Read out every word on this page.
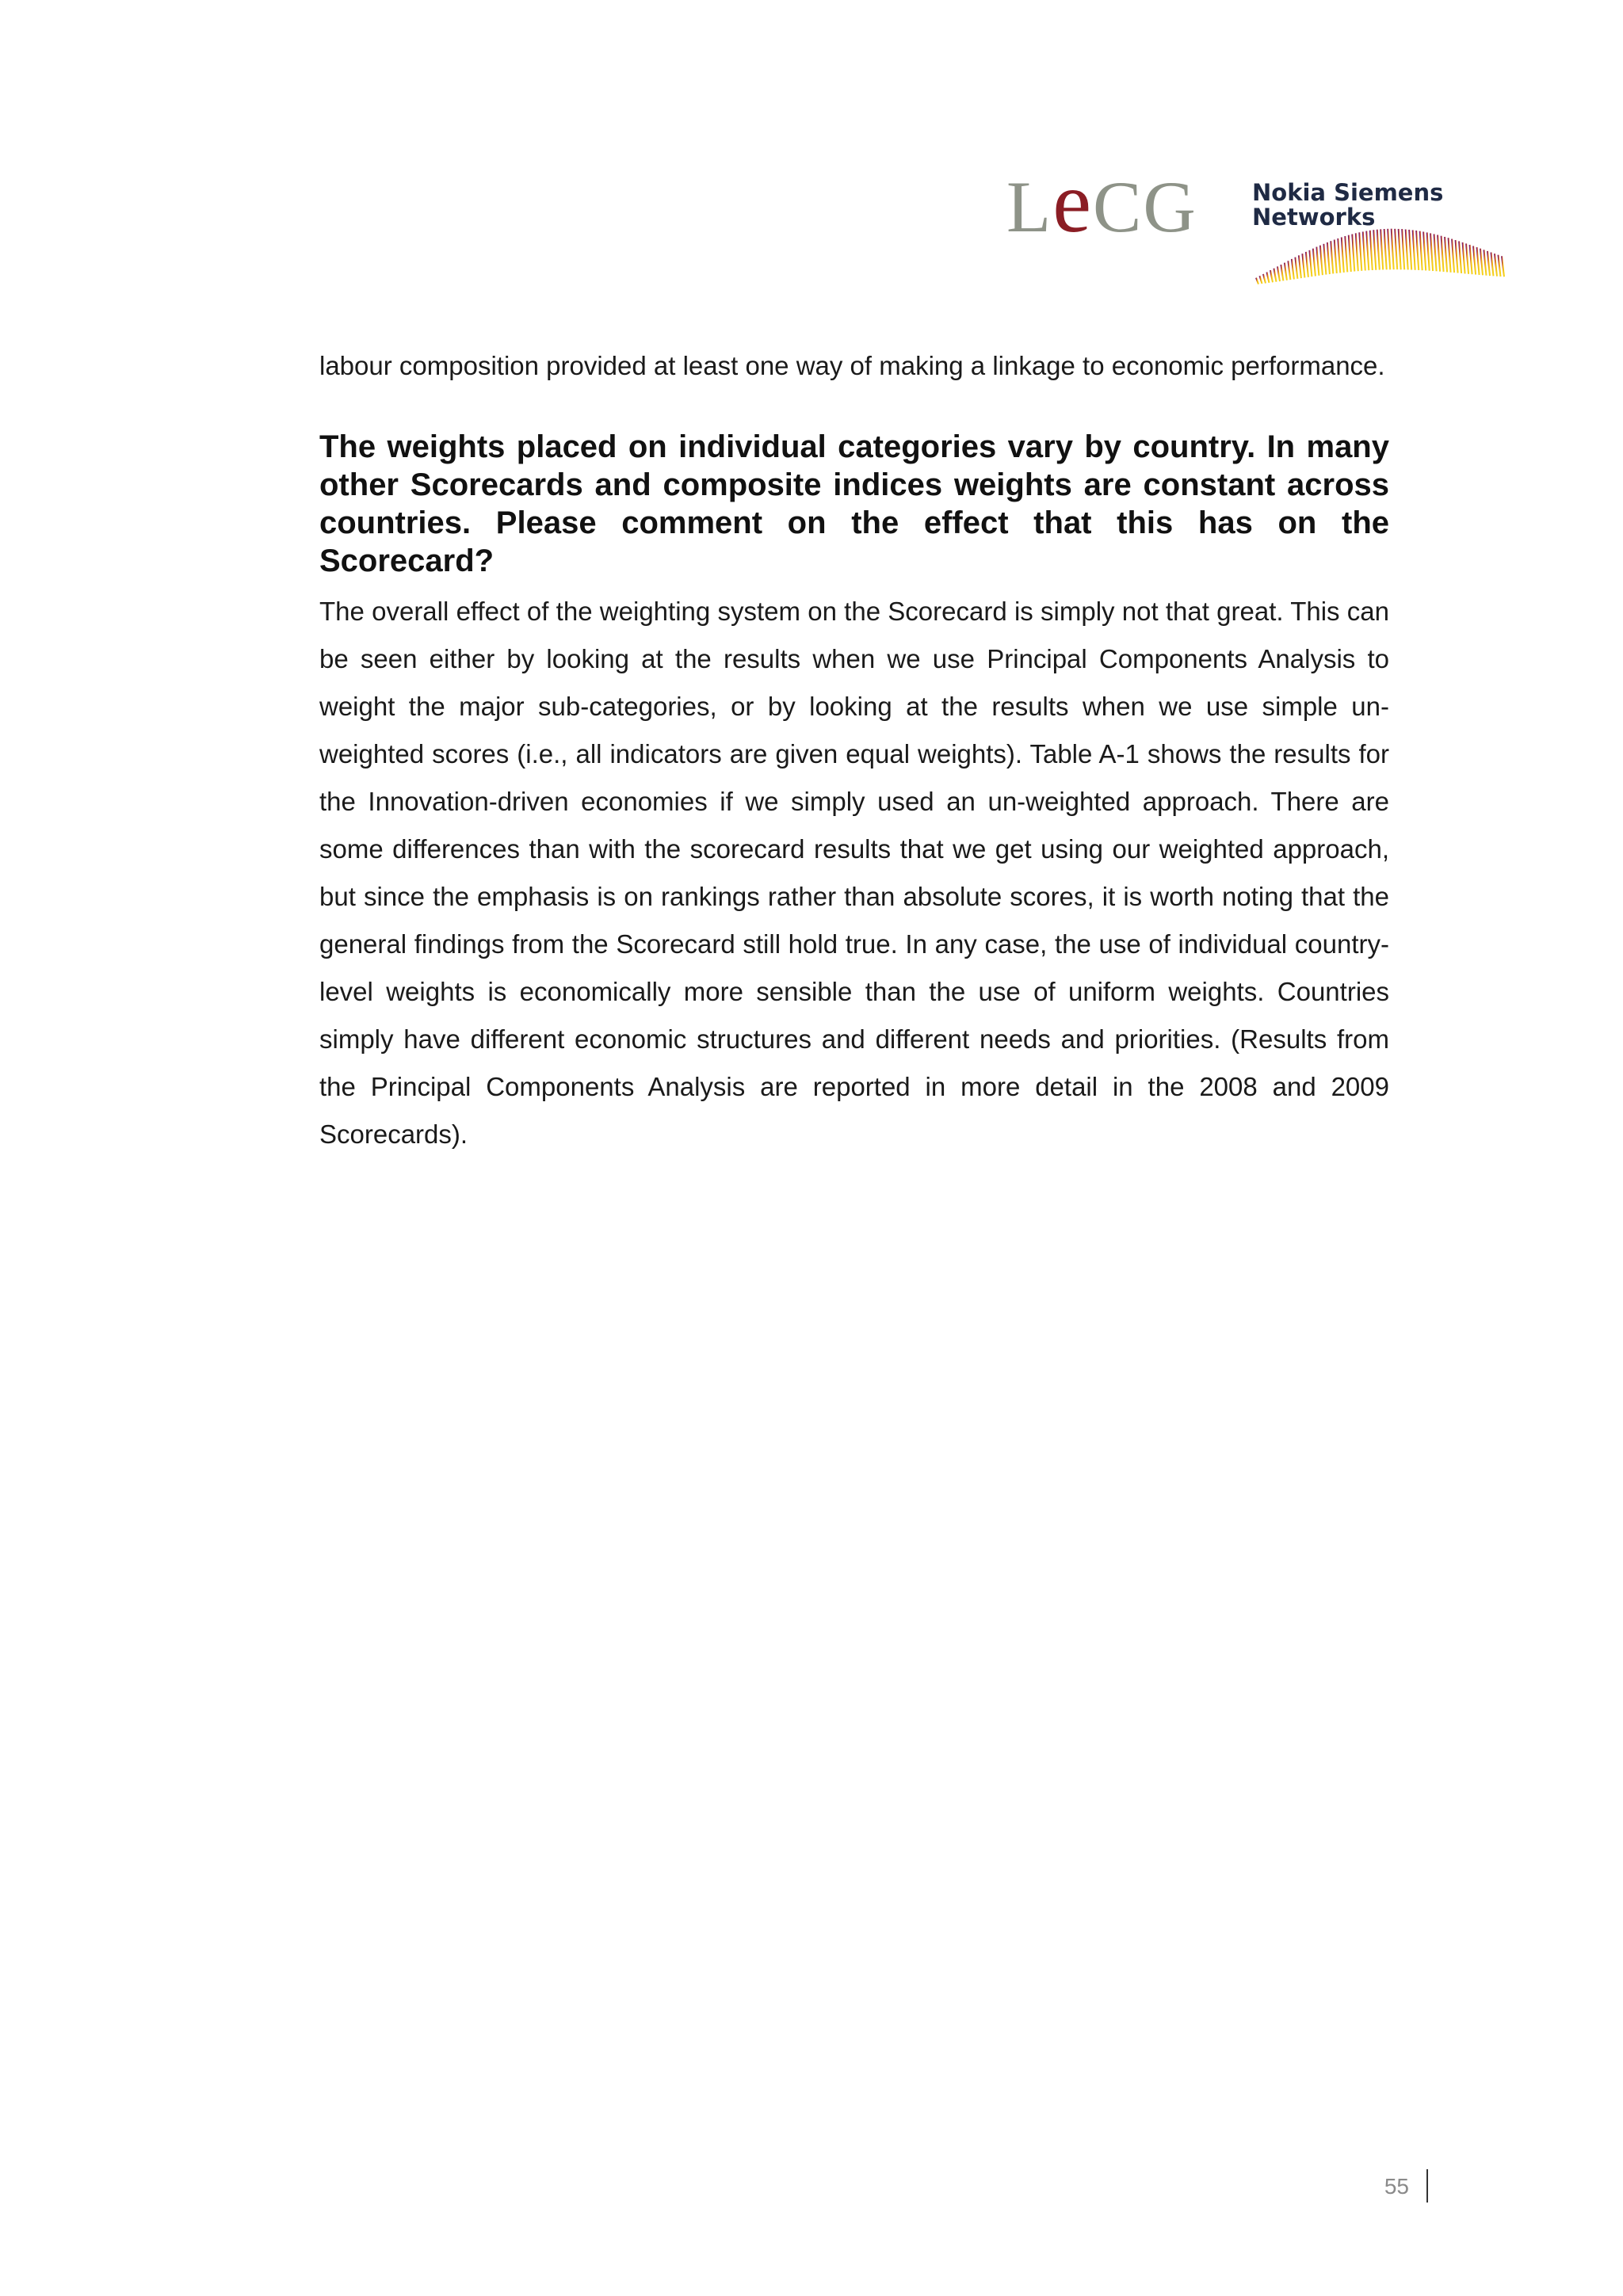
LeCG Nokia Siemens
Networks

labour composition provided at least one way of making a linkage to economic performance.

The weights placed on individual categories vary by country. In many other Scorecards and composite indices weights are constant across countries. Please comment on the effect that this has on the Scorecard?

The overall effect of the weighting system on the Scorecard is simply not that great. This can be seen either by looking at the results when we use Principal Components Analysis to weight the major sub-categories, or by looking at the results when we use simple un-weighted scores (i.e., all indicators are given equal weights). Table A-1 shows the results for the Innovation-driven economies if we simply used an un-weighted approach. There are some differences than with the scorecard results that we get using our weighted approach, but since the emphasis is on rankings rather than absolute scores, it is worth noting that the general findings from the Scorecard still hold true. In any case, the use of individual country-level weights is economically more sensible than the use of uniform weights. Countries simply have different economic structures and different needs and priorities. (Results from the Principal Components Analysis are reported in more detail in the 2008 and 2009 Scorecards).

55
